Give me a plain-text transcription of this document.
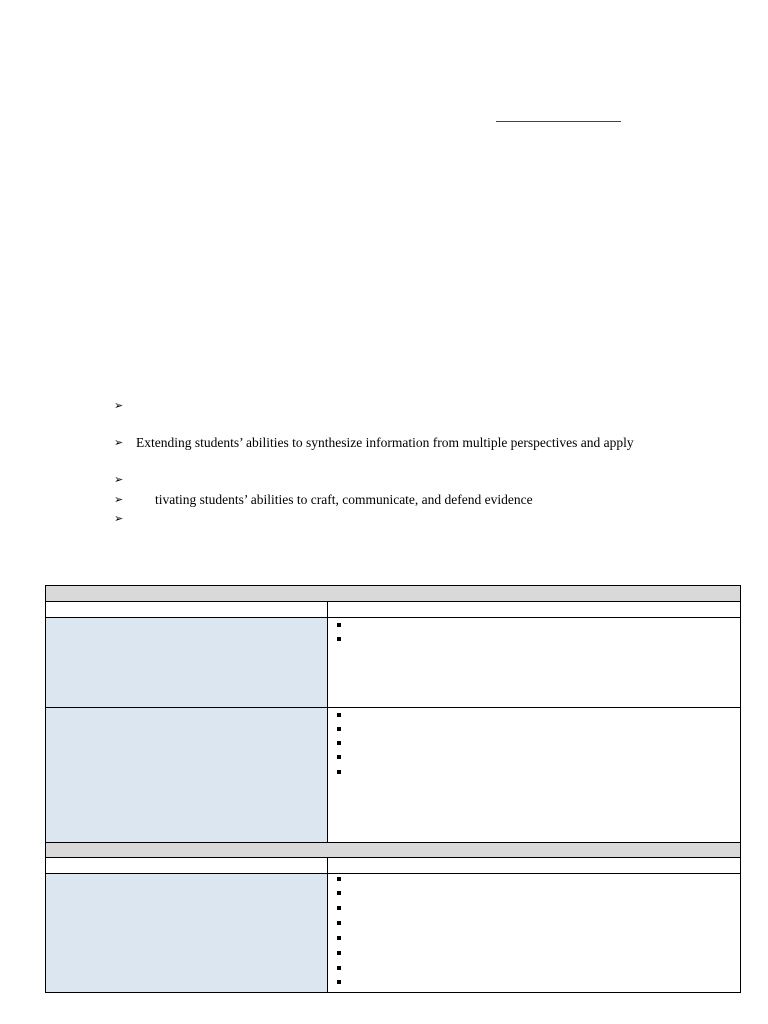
➢
➢ Extending students’ abilities to synthesize information from multiple perspectives and apply
➢
➢ tivating students’ abilities to craft, communicate, and defend evidence
➢
